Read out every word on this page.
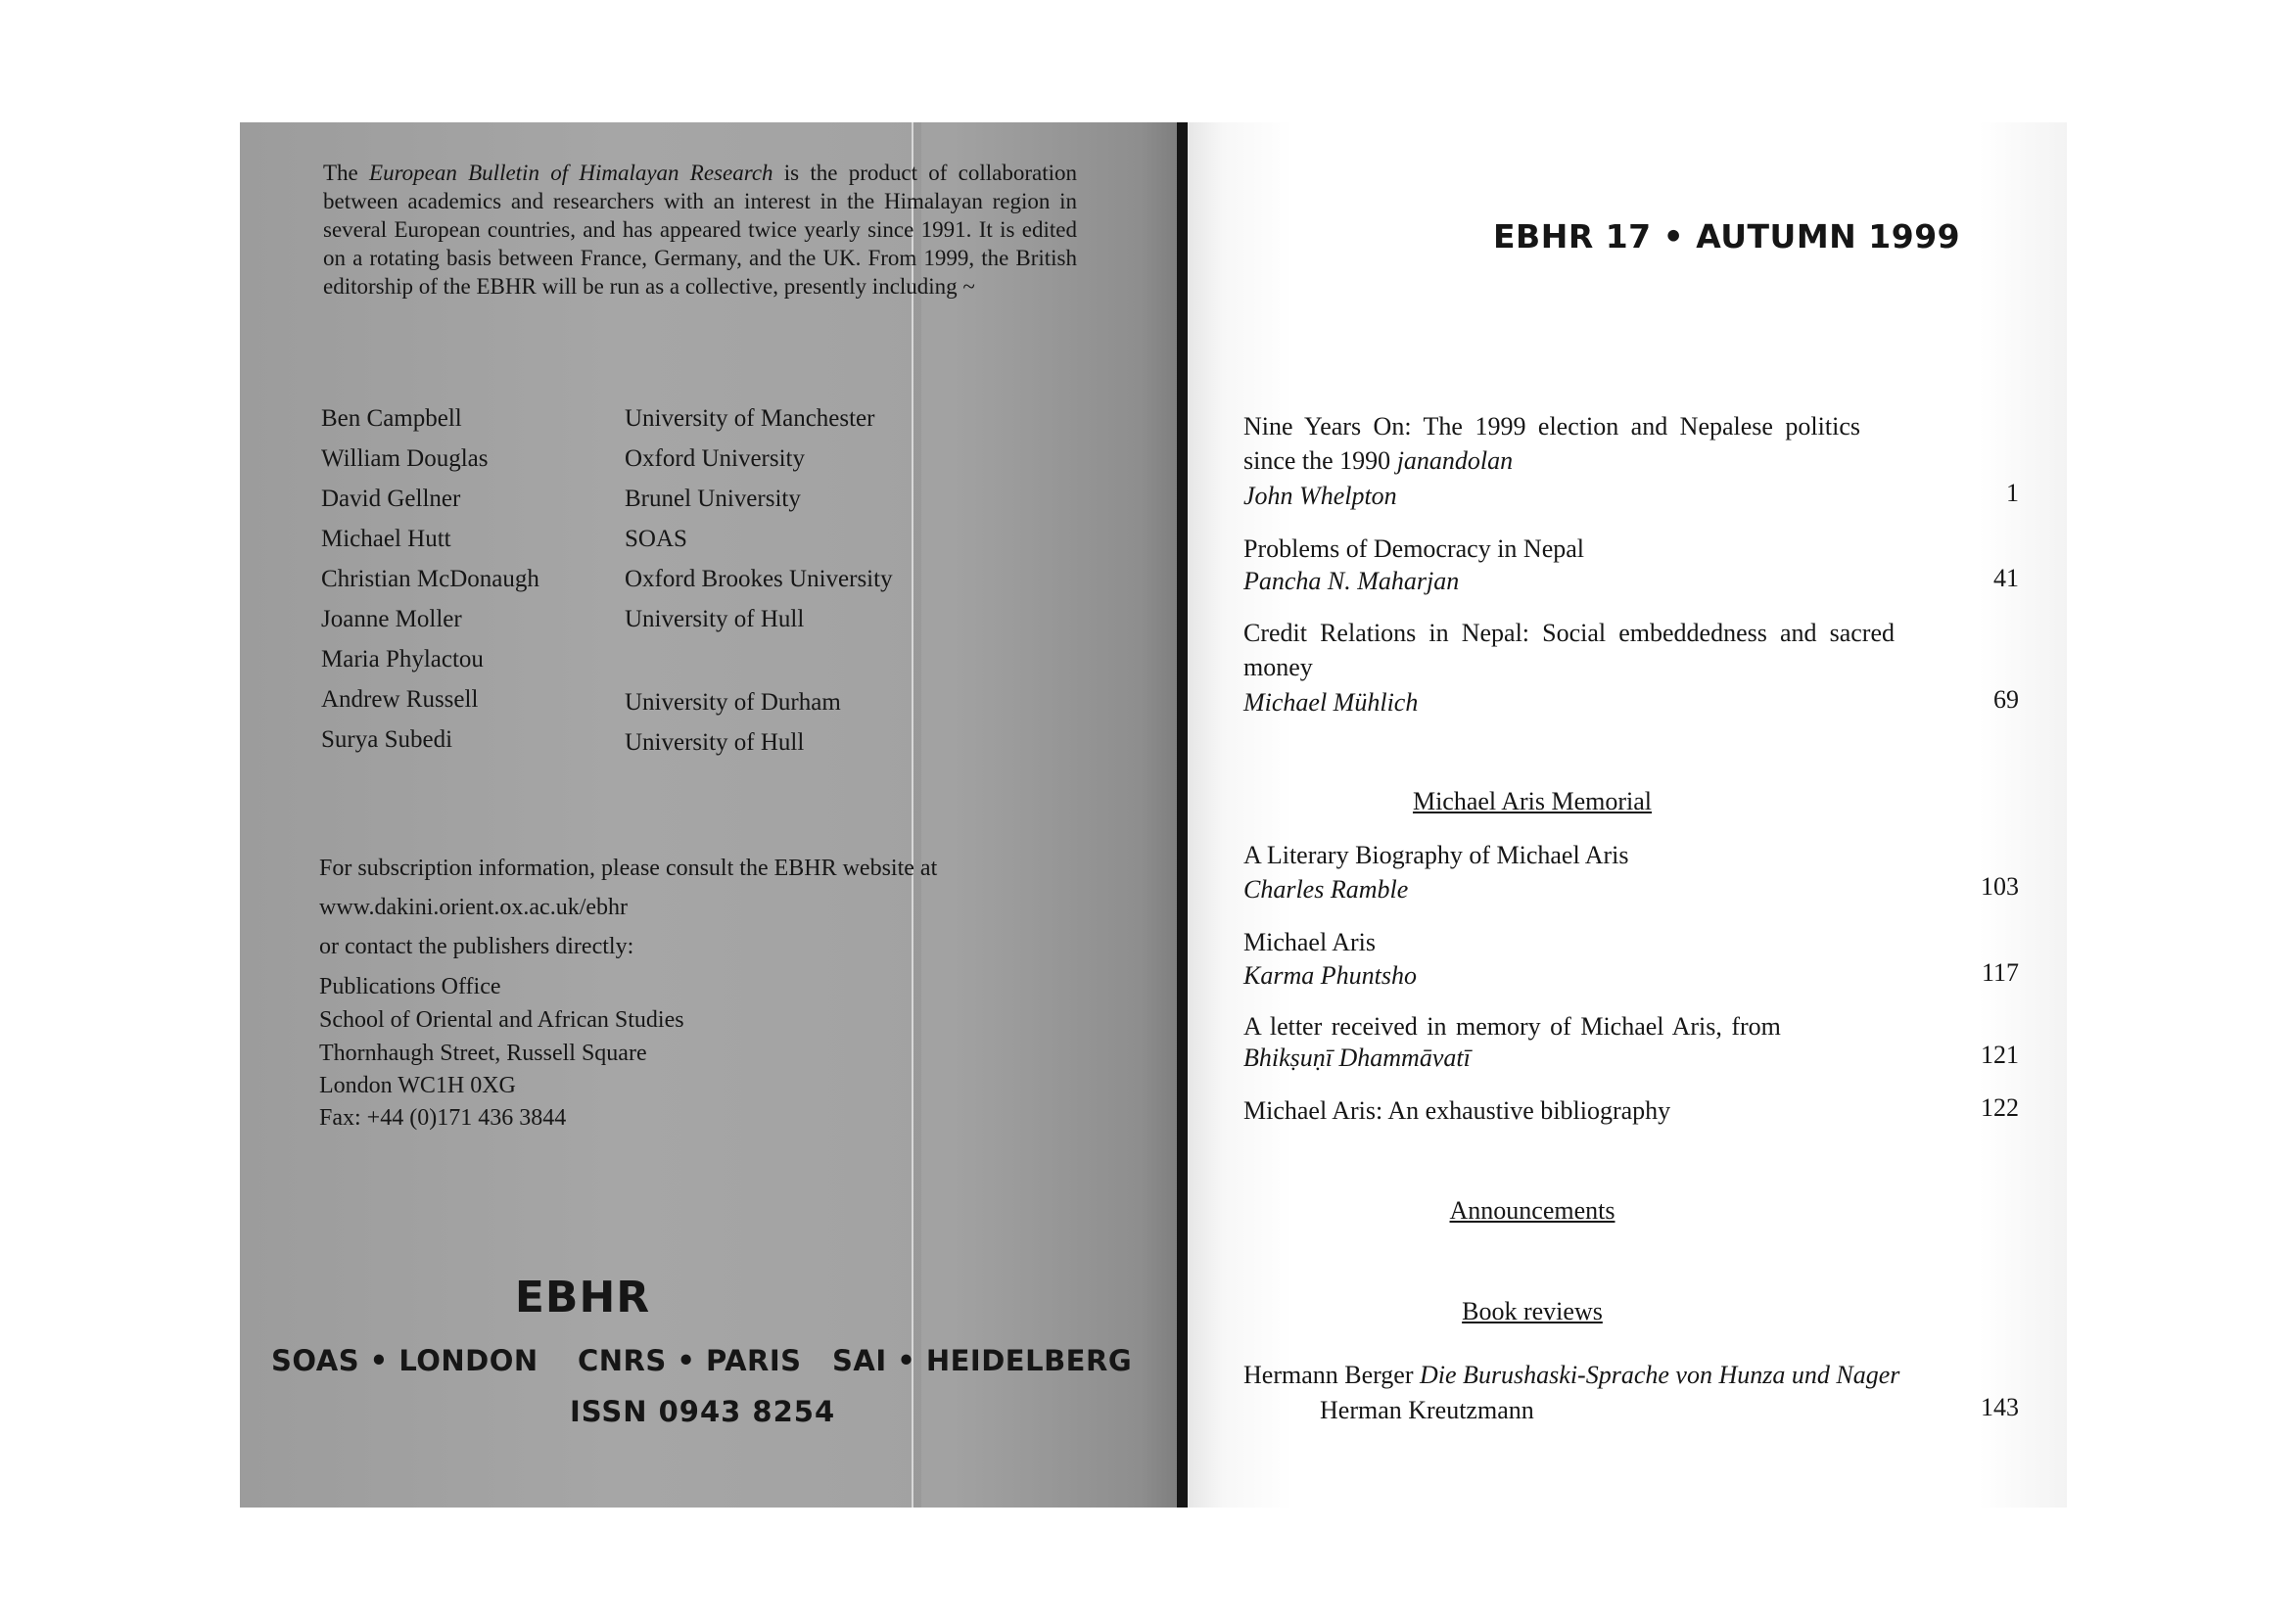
The European Bulletin of Himalayan Research is the product of collaboration between academics and researchers with an interest in the Himalayan region in several European countries, and has appeared twice yearly since 1991. It is edited on a rotating basis between France, Germany, and the UK. From 1999, the British editorship of the EBHR will be run as a collective, presently including ~

Ben Campbell	University of Manchester
William Douglas	Oxford University
David Gellner	Brunel University
Michael Hutt	SOAS
Christian McDonaugh	Oxford Brookes University
Joanne Moller	University of Hull
Maria Phylactou
Andrew Russell	University of Durham
Surya Subedi	University of Hull
For subscription information, please consult the EBHR website at
www.dakini.orient.ox.ac.uk/ebhr
or contact the publishers directly:
Publications Office
School of Oriental and African Studies
Thornhaugh Street, Russell Square
London WC1H 0XG
Fax: +44 (0)171 436 3844
EBHR
SOAS • LONDON CNRS • PARIS SAI • HEIDELBERG
ISSN 0943 8254
EBHR 17 • AUTUMN 1999
Nine Years On: The 1999 election and Nepalese politics since the 1990 janandolan
John Whelpton	1
Problems of Democracy in Nepal
Pancha N. Maharjan	41
Credit Relations in Nepal: Social embeddedness and sacred money
Michael Mühlich	69
Michael Aris Memorial
A Literary Biography of Michael Aris
Charles Ramble	103
Michael Aris
Karma Phuntsho	117
A letter received in memory of Michael Aris, from
Bhikṣuṇī Dhammāvatī	121
Michael Aris: An exhaustive bibliography	122
Announcements
Book reviews
Hermann Berger Die Burushaski-Sprache von Hunza und Nager
Herman Kreutzmann	143
